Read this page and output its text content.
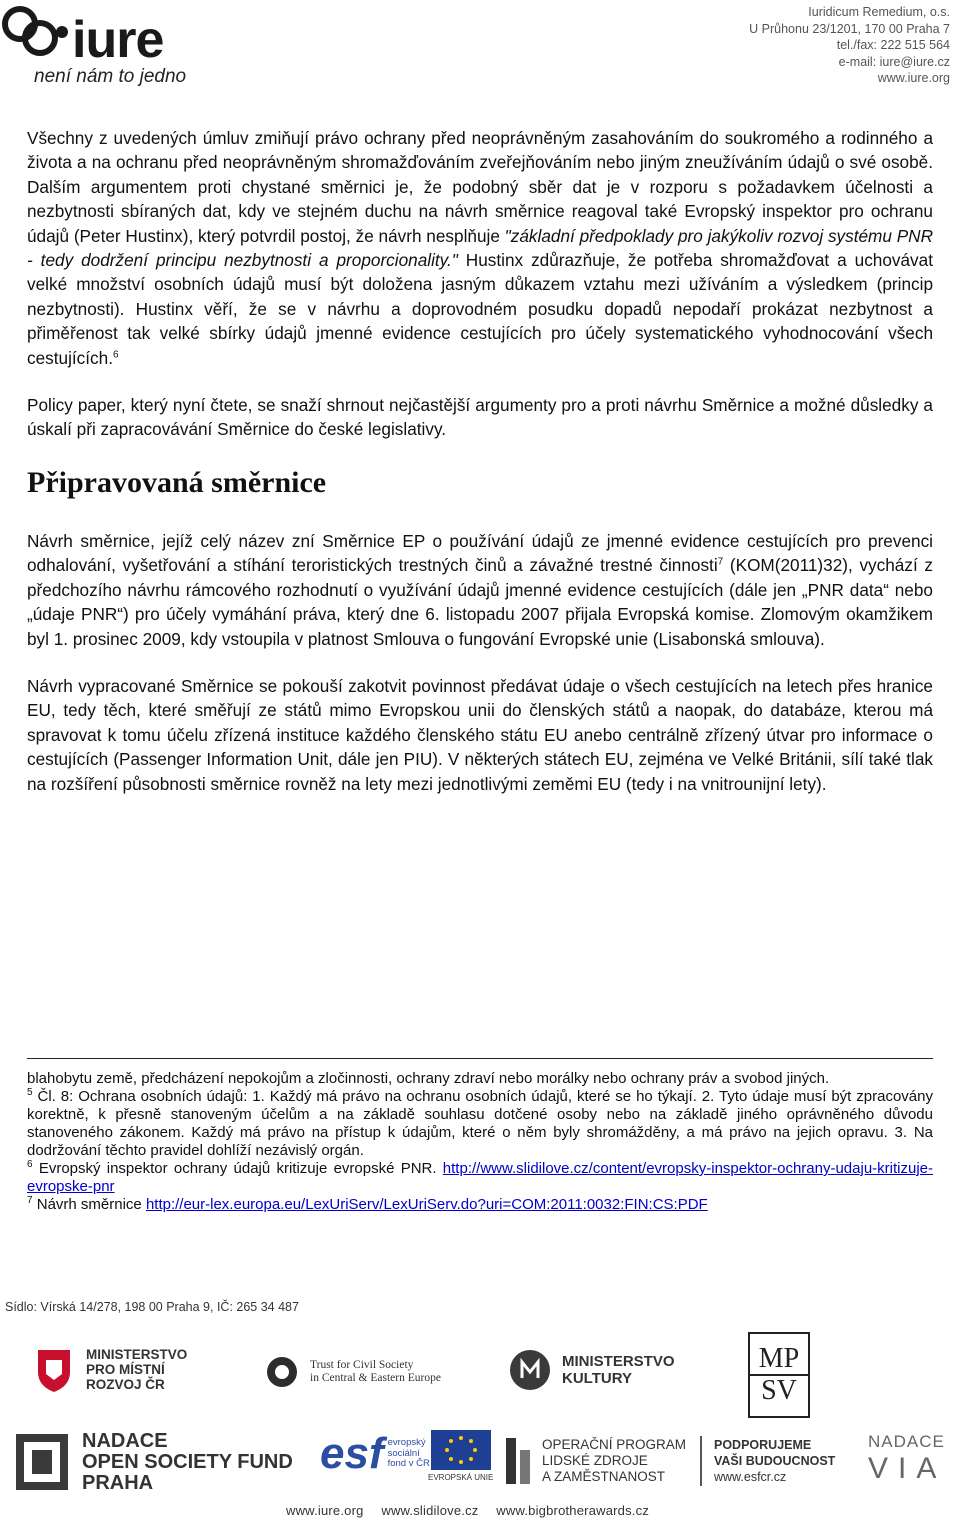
iure
není nám to jedno
Iuridicum Remedium, o.s.
U Průhonu 23/1201, 170 00 Praha 7
tel./fax: 222 515 564
e-mail: iure@iure.cz
www.iure.org

Všechny z uvedených úmluv zmiňují právo ochrany před neoprávněným zasahováním do soukromého a rodinného a života a na ochranu před neoprávněným shromažďováním zveřejňováním nebo jiným zneužíváním údajů o své osobě. Dalším argumentem proti chystané směrnici je, že podobný sběr dat je v rozporu s požadavkem účelnosti a nezbytnosti sbíraných dat, kdy ve stejném duchu na návrh směrnice reagoval také Evropský inspektor pro ochranu údajů (Peter Hustinx), který potvrdil postoj, že návrh nesplňuje "základní předpoklady pro jakýkoliv rozvoj systému PNR - tedy dodržení principu nezbytnosti a proporcionality." Hustinx zdůrazňuje, že potřeba shromažďovat a uchovávat velké množství osobních údajů musí být doložena jasným důkazem vztahu mezi užíváním a výsledkem (princip nezbytnosti). Hustinx věří, že se v návrhu a doprovodném posudku dopadů nepodaří prokázat nezbytnost a přiměřenost tak velké sbírky údajů jmenné evidence cestujících pro účely systematického vyhodnocování všech cestujících.$^6$

Policy paper, který nyní čtete, se snaží shrnout nejčastější argumenty pro a proti návrhu Směrnice a možné důsledky a úskalí při zapracovávání Směrnice do české legislativy.

Připravovaná směrnice

Návrh směrnice, jejíž celý název zní Směrnice EP o používání údajů ze jmenné evidence cestujících pro prevenci odhalování, vyšetřování a stíhání teroristických trestných činů a závažné trestné činnosti$^7$ (KOM(2011)32), vychází z předchozího návrhu rámcového rozhodnutí o využívání údajů jmenné evidence cestujících (dále jen „PNR data“ nebo „údaje PNR“) pro účely vymáhání práva, který dne 6. listopadu 2007 přijala Evropská komise. Zlomovým okamžikem byl 1. prosinec 2009, kdy vstoupila v platnost Smlouva o fungování Evropské unie (Lisabonská smlouva).

Návrh vypracované Směrnice se pokouší zakotvit povinnost předávat údaje o všech cestujících na letech přes hranice EU, tedy těch, které směřují ze států mimo Evropskou unii do členských států a naopak, do databáze, kterou má spravovat k tomu účelu zřízená instituce každého členského státu EU anebo centrálně zřízený útvar pro informace o cestujících (Passenger Information Unit, dále jen PIU). V některých státech EU, zejména ve Velké Británii, sílí také tlak na rozšíření působnosti směrnice rovněž na lety mezi jednotlivými zeměmi EU (tedy i na vnitrounijní lety).

blahobytu země, předcházení nepokojům a zločinnosti, ochrany zdraví nebo morálky nebo ochrany práv a svobod jiných.

$^5$ Čl. 8: Ochrana osobních údajů: 1. Každý má právo na ochranu osobních údajů, které se ho týkají. 2. Tyto údaje musí být zpracovány korektně, k přesně stanoveným účelům a na základě souhlasu dotčené osoby nebo na základě jiného oprávněného důvodu stanoveného zákonem. Každý má právo na přístup k údajům, které o něm byly shromážděny, a má právo na jejich opravu. 3. Na dodržování těchto pravidel dohlíží nezávislý orgán.

$^6$ Evropský inspektor ochrany údajů kritizuje evropské PNR. http://www.slidilove.cz/content/evropsky-inspektor-ochrany-udaju-kritizuje-evropske-pnr

$^7$ Návrh směrnice http://eur-lex.europa.eu/LexUriServ/LexUriServ.do?uri=COM:2011:0032:FIN:CS:PDF

Sídlo: Vírská 14/278, 198 00 Praha 9, IČ: 265 34 487
MINISTERSTVO
PRO MÍSTNÍ
ROZVOJ ČR
Trust for Civil Society
in Central & Eastern Europe
MINISTERSTVO
KULTURY
MP
SV
NADACE
OPEN SOCIETY FUND
PRAHA
esf evropský
sociální
fond v ČR
EVROPSKÁ UNIE
OPERAČNÍ PROGRAM
LIDSKÉ ZDROJE
A ZAMĚSTNANOST
PODPORUJEME
VAŠI BUDOUCNOST
www.esfcr.cz
NADACE
VIA
www.iure.org www.slidilove.cz www.bigbrotherawards.cz
